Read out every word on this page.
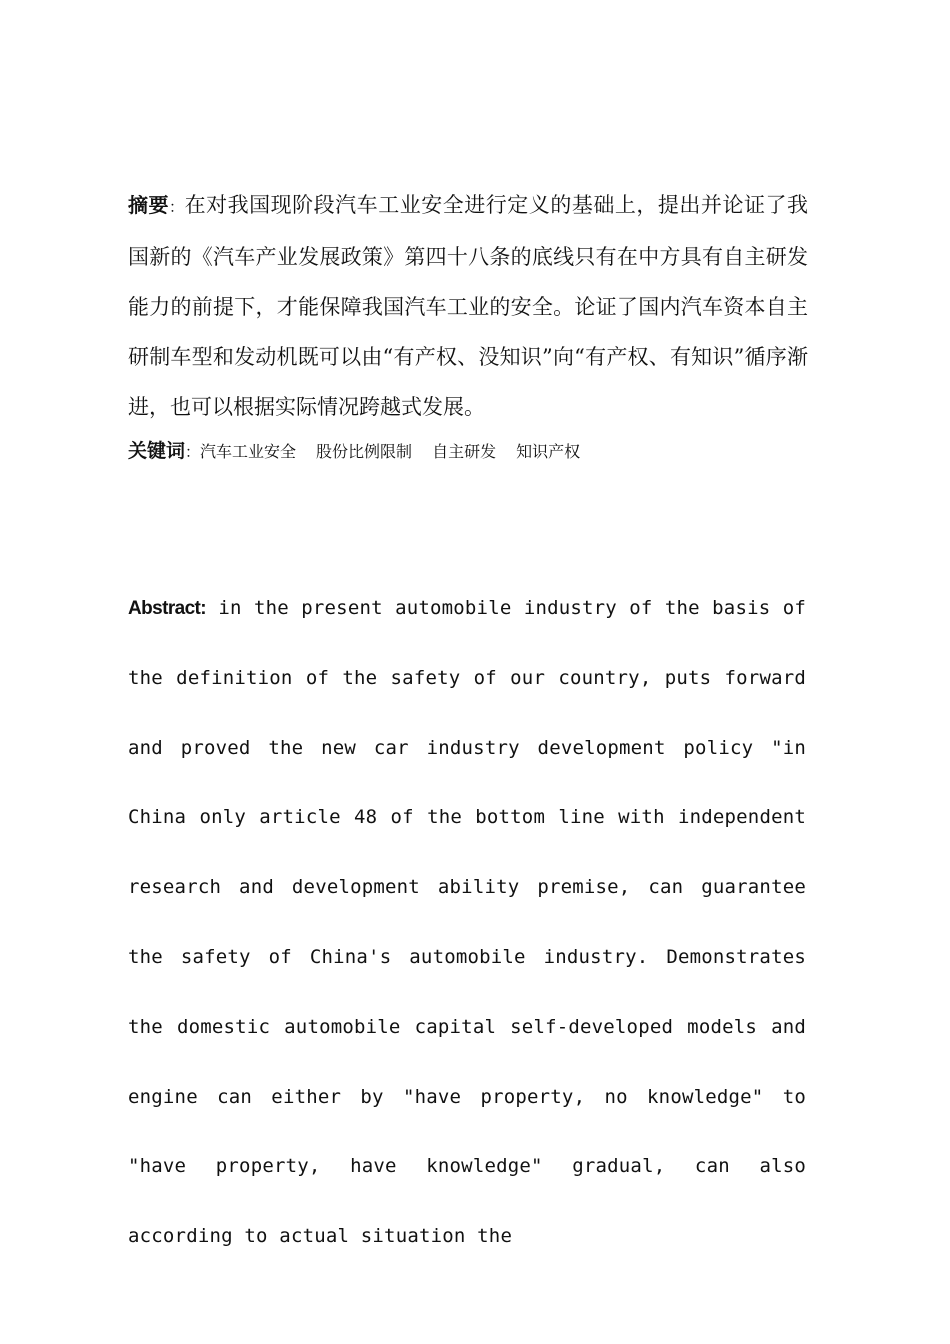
摘要：在对我国现阶段汽车工业安全进行定义的基础上，提出并论证了我国新的《汽车产业发展政策》第四十八条的底线只有在中方具有自主研发能力的前提下，才能保障我国汽车工业的安全。论证了国内汽车资本自主研制车型和发动机既可以由“有产权、没知识”向“有产权、有知识”循序渐进，也可以根据实际情况跨越式发展。
关键词：汽车工业安全 股份比例限制 自主研发 知识产权
Abstract: in the present automobile industry of the basis of the definition of the safety of our country, puts forward and proved the new car industry development policy "in China only article 48 of the bottom line with independent research and development ability premise, can guarantee the safety of China's automobile industry. Demonstrates the domestic automobile capital self-developed models and engine can either by "have property, no knowledge" to "have property, have knowledge" gradual, can also according to actual situation the
